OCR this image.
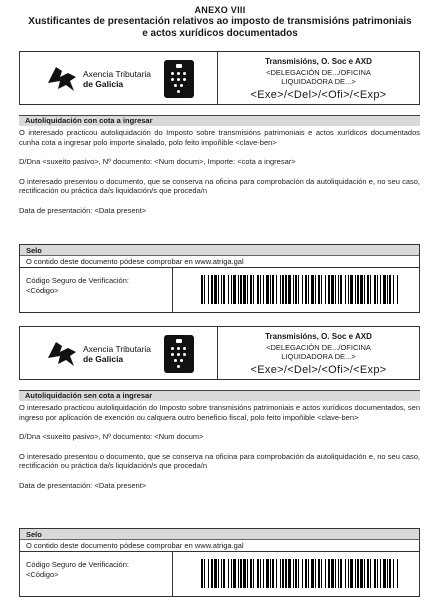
ANEXO VIII
Xustificantes de presentación relativos ao imposto de transmisións patrimoniais
e actos xurídicos documentados
Axencia Tributaria
de Galicia
Transmisións, O. Soc e AXD
<DELEGACIÓN DE.../OFICINA
LIQUIDADORA DE...>
<Exe>/<Del>/<Ofi>/<Exp>
Autoliquidación con cota a ingresar
O interesado practicou autoliquidación do Imposto sobre transmisións patrimoniais e actos xurídicos documentados cunha cota a ingresar polo importe sinalado, polo feito impoñible <clave-ben>
D/Dna <suxeito pasivo>, Nº documento: <Num docum>, Importe: <cota a ingresar>
O interesado presentou o documento, que se conserva na oficina para comprobación da autoliquidación e, no seu caso, rectificación ou práctica da/s liquidación/s que proceda/n
Data de presentación: <Data present>
Selo
O contido deste documento pódese comprobar en www.atriga.gal
Código Seguro de Verificación:
<Código>
Axencia Tributaria
de Galicia
Transmisións, O. Soc e AXD
<DELEGACIÓN DE.../OFICINA
LIQUIDADORA DE...>
<Exe>/<Del>/<Ofi>/<Exp>
Autoliquidación sen cota a ingresar
O interesado practicou autoliquidación do Imposto sobre transmisións patrimoniais e actos xurídicos documentados, sen ingreso por aplicación de exención ou calquera outro beneficio fiscal, polo feito impoñible <clave-ben>
D/Dna <suxeito pasivo>, Nº documento: <Num docum>
O interesado presentou o documento, que se conserva na oficina para comprobación da autoliquidación e, no seu caso, rectificación ou práctica da/s liquidación/s que proceda/n
Data de presentación: <Data present>
Selo
O contido deste documento pódese comprobar en www.atriga.gal
Código Seguro de Verificación:
<Código>
